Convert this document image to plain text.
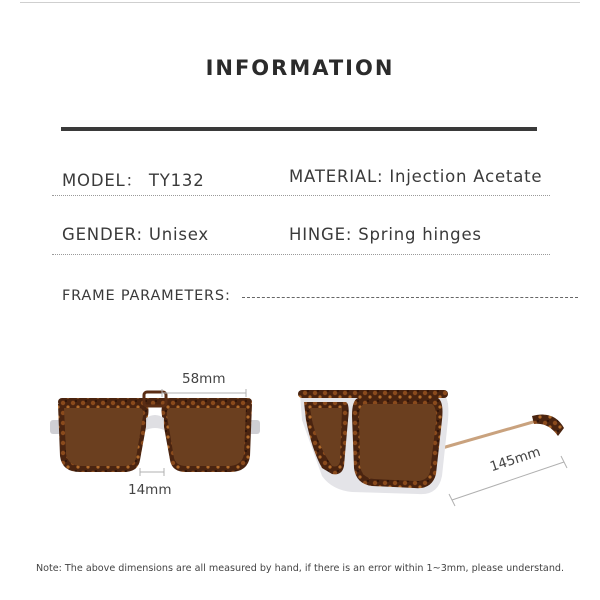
INFORMATION
MODEL： TY132	MATERIAL: Injection Acetate
GENDER: Unisex	HINGE: Spring hinges
FRAME PARAMETERS:
58mm
14mm
145mm
Note: The above dimensions are all measured by hand, if there is an error within 1~3mm, please understand.
